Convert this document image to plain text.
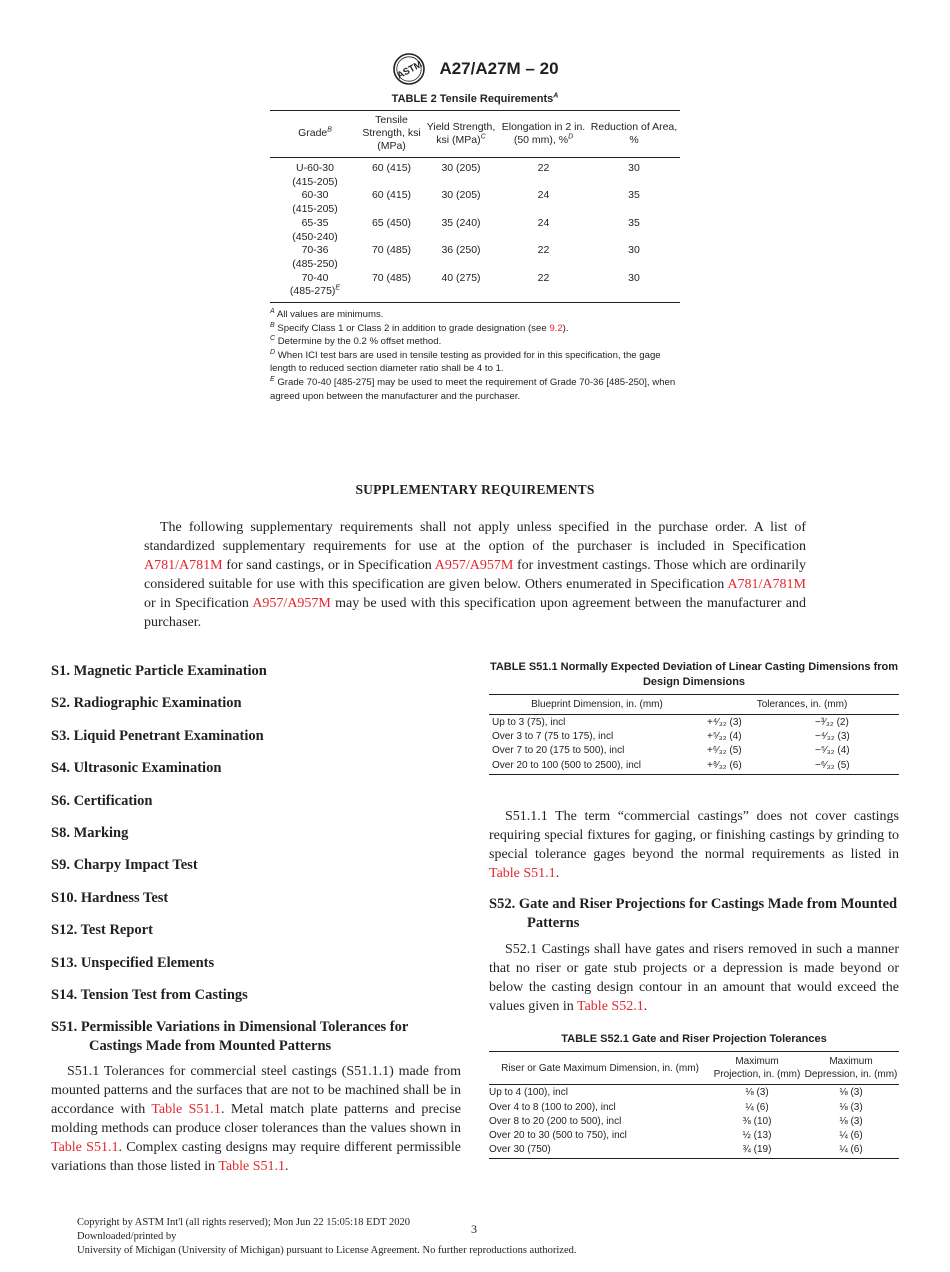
ASTM A27/A27M – 20
TABLE 2 Tensile Requirements$^A$
Grade$^B$	Tensile Strength, ksi (MPa)	Yield Strength, ksi (MPa)$^C$	Elongation in 2 in. (50 mm), %$^D$	Reduction of Area, %
U-60-30
(415-205)	60 (415)	30 (205)	22	30
60-30
(415-205)	60 (415)	30 (205)	24	35
65-35
(450-240)	65 (450)	35 (240)	24	35
70-36
(485-250)	70 (485)	36 (250)	22	30
70-40
$(485-275)^E$	70 (485)	40 (275)	22	30
$^A$ All values are minimums.
$^B$ Specify Class 1 or Class 2 in addition to grade designation (see 9.2).
$^C$ Determine by the 0.2 % offset method.
$^D$ When ICI test bars are used in tensile testing as provided for in this specification, the gage length to reduced section diameter ratio shall be 4 to 1.
$^E$ Grade 70-40 [485-275] may be used to meet the requirement of Grade 70-36 [485-250], when agreed upon between the manufacturer and the purchaser.
SUPPLEMENTARY REQUIREMENTS

The following supplementary requirements shall not apply unless specified in the purchase order. A list of standardized supplementary requirements for use at the option of the purchaser is included in Specification A781/A781M for sand castings, or in Specification A957/A957M for investment castings. Those which are ordinarily considered suitable for use with this specification are given below. Others enumerated in Specification A781/A781M or in Specification A957/A957M may be used with this specification upon agreement between the manufacturer and purchaser.

S1. Magnetic Particle Examination
S2. Radiographic Examination
S3. Liquid Penetrant Examination
S4. Ultrasonic Examination
S6. Certification
S8. Marking
S9. Charpy Impact Test
S10. Hardness Test
S12. Test Report
S13. Unspecified Elements
S14. Tension Test from Castings
S51. Permissible Variations in Dimensional Tolerances for Castings Made from Mounted Patterns

S51.1 Tolerances for commercial steel castings (S51.1.1) made from mounted patterns and the surfaces that are not to be machined shall be in accordance with Table S51.1. Metal match plate patterns and precise molding methods can produce closer tolerances than the values shown in Table S51.1. Complex casting designs may require different permissible variations than those listed in Table S51.1.

TABLE S51.1 Normally Expected Deviation of Linear Casting Dimensions from Design Dimensions
Blueprint Dimension, in. (mm)	Tolerances, in. (mm)	
Up to 3 (75), incl	+⁴⁄₃₂ (3)	−³⁄₃₂ (2)
Over 3 to 7 (75 to 175), incl	+⁵⁄₃₂ (4)	−⁴⁄₃₂ (3)
Over 7 to 20 (175 to 500), incl	+⁶⁄₃₂ (5)	−⁵⁄₃₂ (4)
Over 20 to 100 (500 to 2500), incl	+⁸⁄₃₂ (6)	−⁶⁄₃₂ (5)

S51.1.1 The term “commercial castings” does not cover castings requiring special fixtures for gaging, or finishing castings by grinding to special tolerance gages beyond the normal requirements as listed in Table S51.1.

S52. Gate and Riser Projections for Castings Made from Mounted Patterns

S52.1 Castings shall have gates and risers removed in such a manner that no riser or gate stub projects or a depression is made beyond or below the casting design contour in an amount that would exceed the values given in Table S52.1.

TABLE S52.1 Gate and Riser Projection Tolerances
Riser or Gate Maximum Dimension, in. (mm)	Maximum Projection, in. (mm)	Maximum Depression, in. (mm)
Up to 4 (100), incl	⅛ (3)	⅛ (3)
Over 4 to 8 (100 to 200), incl	¼ (6)	⅛ (3)
Over 8 to 20 (200 to 500), incl	⅜ (10)	⅛ (3)
Over 20 to 30 (500 to 750), incl	½ (13)	¼ (6)
Over 30 (750)	¾ (19)	¼ (6)
Copyright by ASTM Int'l (all rights reserved); Mon Jun 22 15:05:18 EDT 2020
Downloaded/printed by
University of Michigan (University of Michigan) pursuant to License Agreement. No further reproductions authorized.
3
